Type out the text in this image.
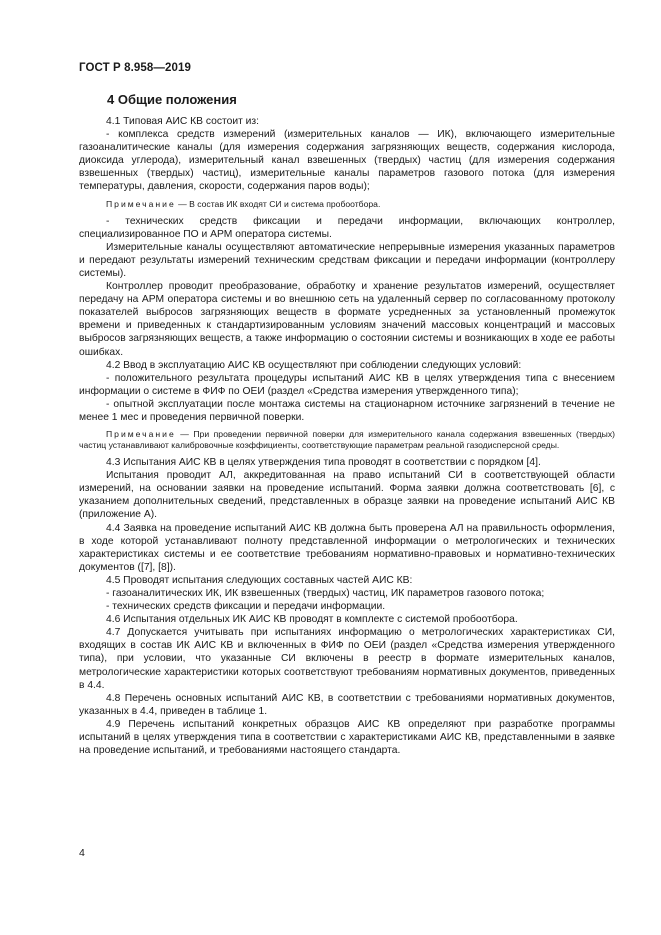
ГОСТ Р 8.958—2019
4 Общие положения

4.1 Типовая АИС КВ состоит из:

- комплекса средств измерений (измерительных каналов — ИК), включающего измерительные газоаналитические каналы (для измерения содержания загрязняющих веществ, содержания кислорода, диоксида углерода), измерительный канал взвешенных (твердых) частиц (для измерения содержания взвешенных (твердых) частиц), измерительные каналы параметров газового потока (для измерения температуры, давления, скорости, содержания паров воды);

Примечание — В состав ИК входят СИ и система пробоотбора.

- технических средств фиксации и передачи информации, включающих контроллер, специализированное ПО и АРМ оператора системы.

Измерительные каналы осуществляют автоматические непрерывные измерения указанных параметров и передают результаты измерений техническим средствам фиксации и передачи информации (контроллеру системы).

Контроллер проводит преобразование, обработку и хранение результатов измерений, осуществляет передачу на АРМ оператора системы и во внешнюю сеть на удаленный сервер по согласованному протоколу показателей выбросов загрязняющих веществ в формате усредненных за установленный промежуток времени и приведенных к стандартизированным условиям значений массовых концентраций и массовых выбросов загрязняющих веществ, а также информацию о состоянии системы и возникающих в ходе ее работы ошибках.

4.2 Ввод в эксплуатацию АИС КВ осуществляют при соблюдении следующих условий:

- положительного результата процедуры испытаний АИС КВ в целях утверждения типа с внесением информации о системе в ФИФ по ОЕИ (раздел «Средства измерения утвержденного типа);

- опытной эксплуатации после монтажа системы на стационарном источнике загрязнений в течение не менее 1 мес и проведения первичной поверки.

Примечание — При проведении первичной поверки для измерительного канала содержания взвешенных (твердых) частиц устанавливают калибровочные коэффициенты, соответствующие параметрам реальной газодисперсной среды.

4.3 Испытания АИС КВ в целях утверждения типа проводят в соответствии с порядком [4].

Испытания проводит АЛ, аккредитованная на право испытаний СИ в соответствующей области измерений, на основании заявки на проведение испытаний. Форма заявки должна соответствовать [6], с указанием дополнительных сведений, представленных в образце заявки на проведение испытаний АИС КВ (приложение А).

4.4 Заявка на проведение испытаний АИС КВ должна быть проверена АЛ на правильность оформления, в ходе которой устанавливают полноту представленной информации о метрологических и технических характеристиках системы и ее соответствие требованиям нормативно-правовых и нормативно-технических документов ([7], [8]).

4.5 Проводят испытания следующих составных частей АИС КВ:

- газоаналитических ИК, ИК взвешенных (твердых) частиц, ИК параметров газового потока;

- технических средств фиксации и передачи информации.

4.6 Испытания отдельных ИК АИС КВ проводят в комплекте с системой пробоотбора.

4.7 Допускается учитывать при испытаниях информацию о метрологических характеристиках СИ, входящих в состав ИК АИС КВ и включенных в ФИФ по ОЕИ (раздел «Средства измерения утвержденного типа), при условии, что указанные СИ включены в реестр в формате измерительных каналов, метрологические характеристики которых соответствуют требованиям нормативных документов, приведенных в 4.4.

4.8 Перечень основных испытаний АИС КВ, в соответствии с требованиями нормативных документов, указанных в 4.4, приведен в таблице 1.

4.9 Перечень испытаний конкретных образцов АИС КВ определяют при разработке программы испытаний в целях утверждения типа в соответствии с характеристиками АИС КВ, представленными в заявке на проведение испытаний, и требованиями настоящего стандарта.

4
